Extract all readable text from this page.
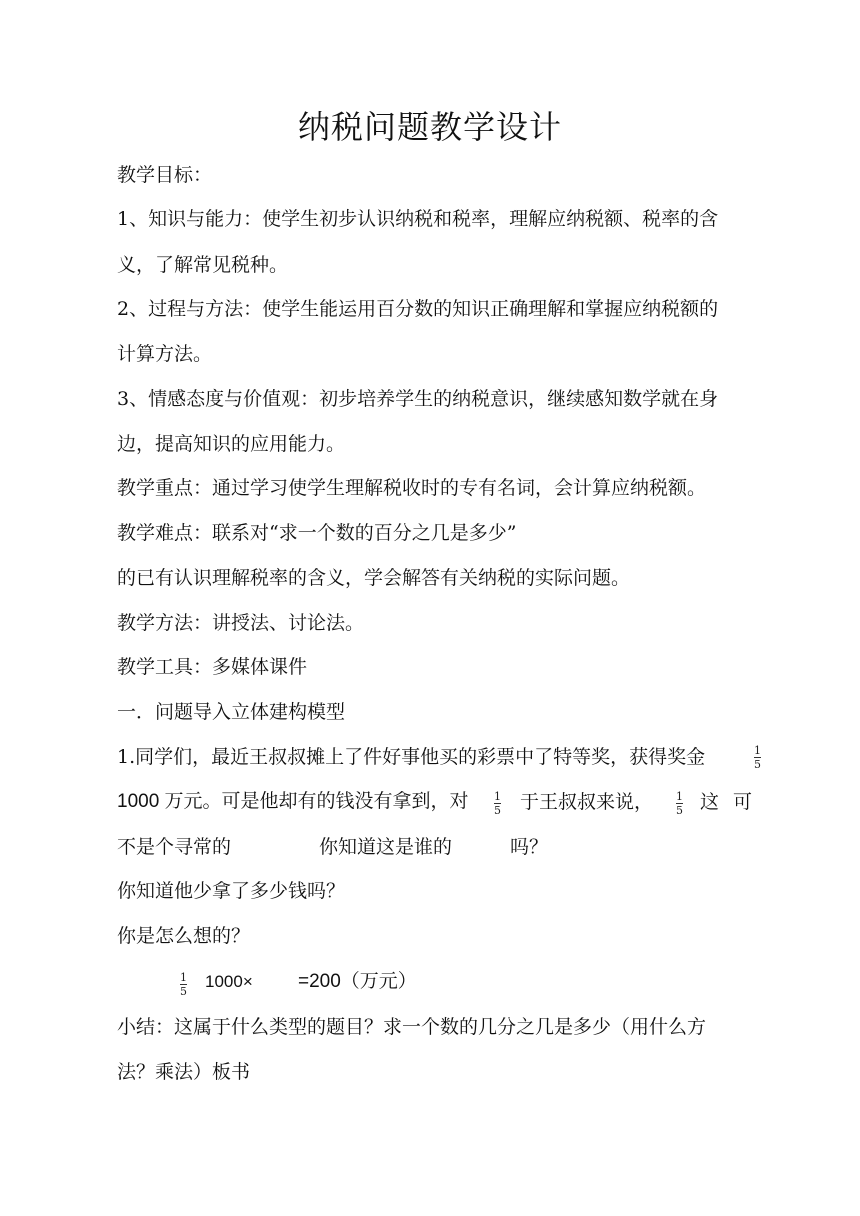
纳税问题教学设计
教学目标：
1、知识与能力：使学生初步认识纳税和税率，理解应纳税额、税率的含
义，了解常见税种。
2、过程与方法：使学生能运用百分数的知识正确理解和掌握应纳税额的
计算方法。
3、情感态度与价值观：初步培养学生的纳税意识，继续感知数学就在身
边，提高知识的应用能力。
教学重点：通过学习使学生理解税收时的专有名词，会计算应纳税额。
教学难点：联系对“求一个数的百分之几是多少”
的已有认识理解税率的含义，学会解答有关纳税的实际问题。
教学方法：讲授法、讨论法。
教学工具：多媒体课件
一．问题导入立体建构模型
1.同学们，最近王叔叔摊上了件好事他买的彩票中了特等奖，获得奖金	1
5
1000 万元。可是他却有的钱没有拿到，对 1
5 于王叔叔来说， 1
5 这 可
不是个寻常的	你知道这是谁的	吗？
你知道他少拿了多少钱吗？
你是怎么想的？
1
5
1000× =200（万元）
小结：这属于什么类型的题目？求一个数的几分之几是多少（用什么方
法？乘法）板书
